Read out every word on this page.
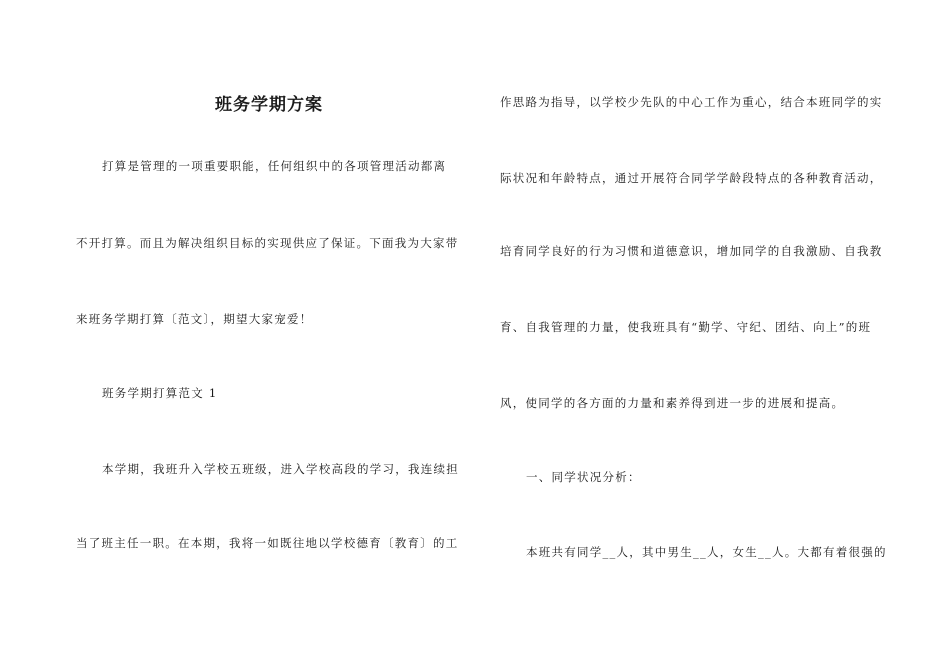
班务学期方案
打算是管理的一项重要职能，任何组织中的各项管理活动都离
不开打算。而且为解决组织目标的实现供应了保证。下面我为大家带
来班务学期打算〔范文〕，期望大家宠爱！
班务学期打算范文 1
本学期，我班升入学校五班级，进入学校高段的学习，我连续担
当了班主任一职。在本期，我将一如既往地以学校德育〔教育〕的工
作思路为指导，以学校少先队的中心工作为重心，结合本班同学的实
际状况和年龄特点，通过开展符合同学学龄段特点的各种教育活动，
培育同学良好的行为习惯和道德意识，增加同学的自我激励、自我教
育、自我管理的力量，使我班具有“勤学、守纪、团结、向上”的班
风，使同学的各方面的力量和素养得到进一步的进展和提高。
一、同学状况分析：
本班共有同学__人，其中男生__人，女生__人。大都有着很强的
